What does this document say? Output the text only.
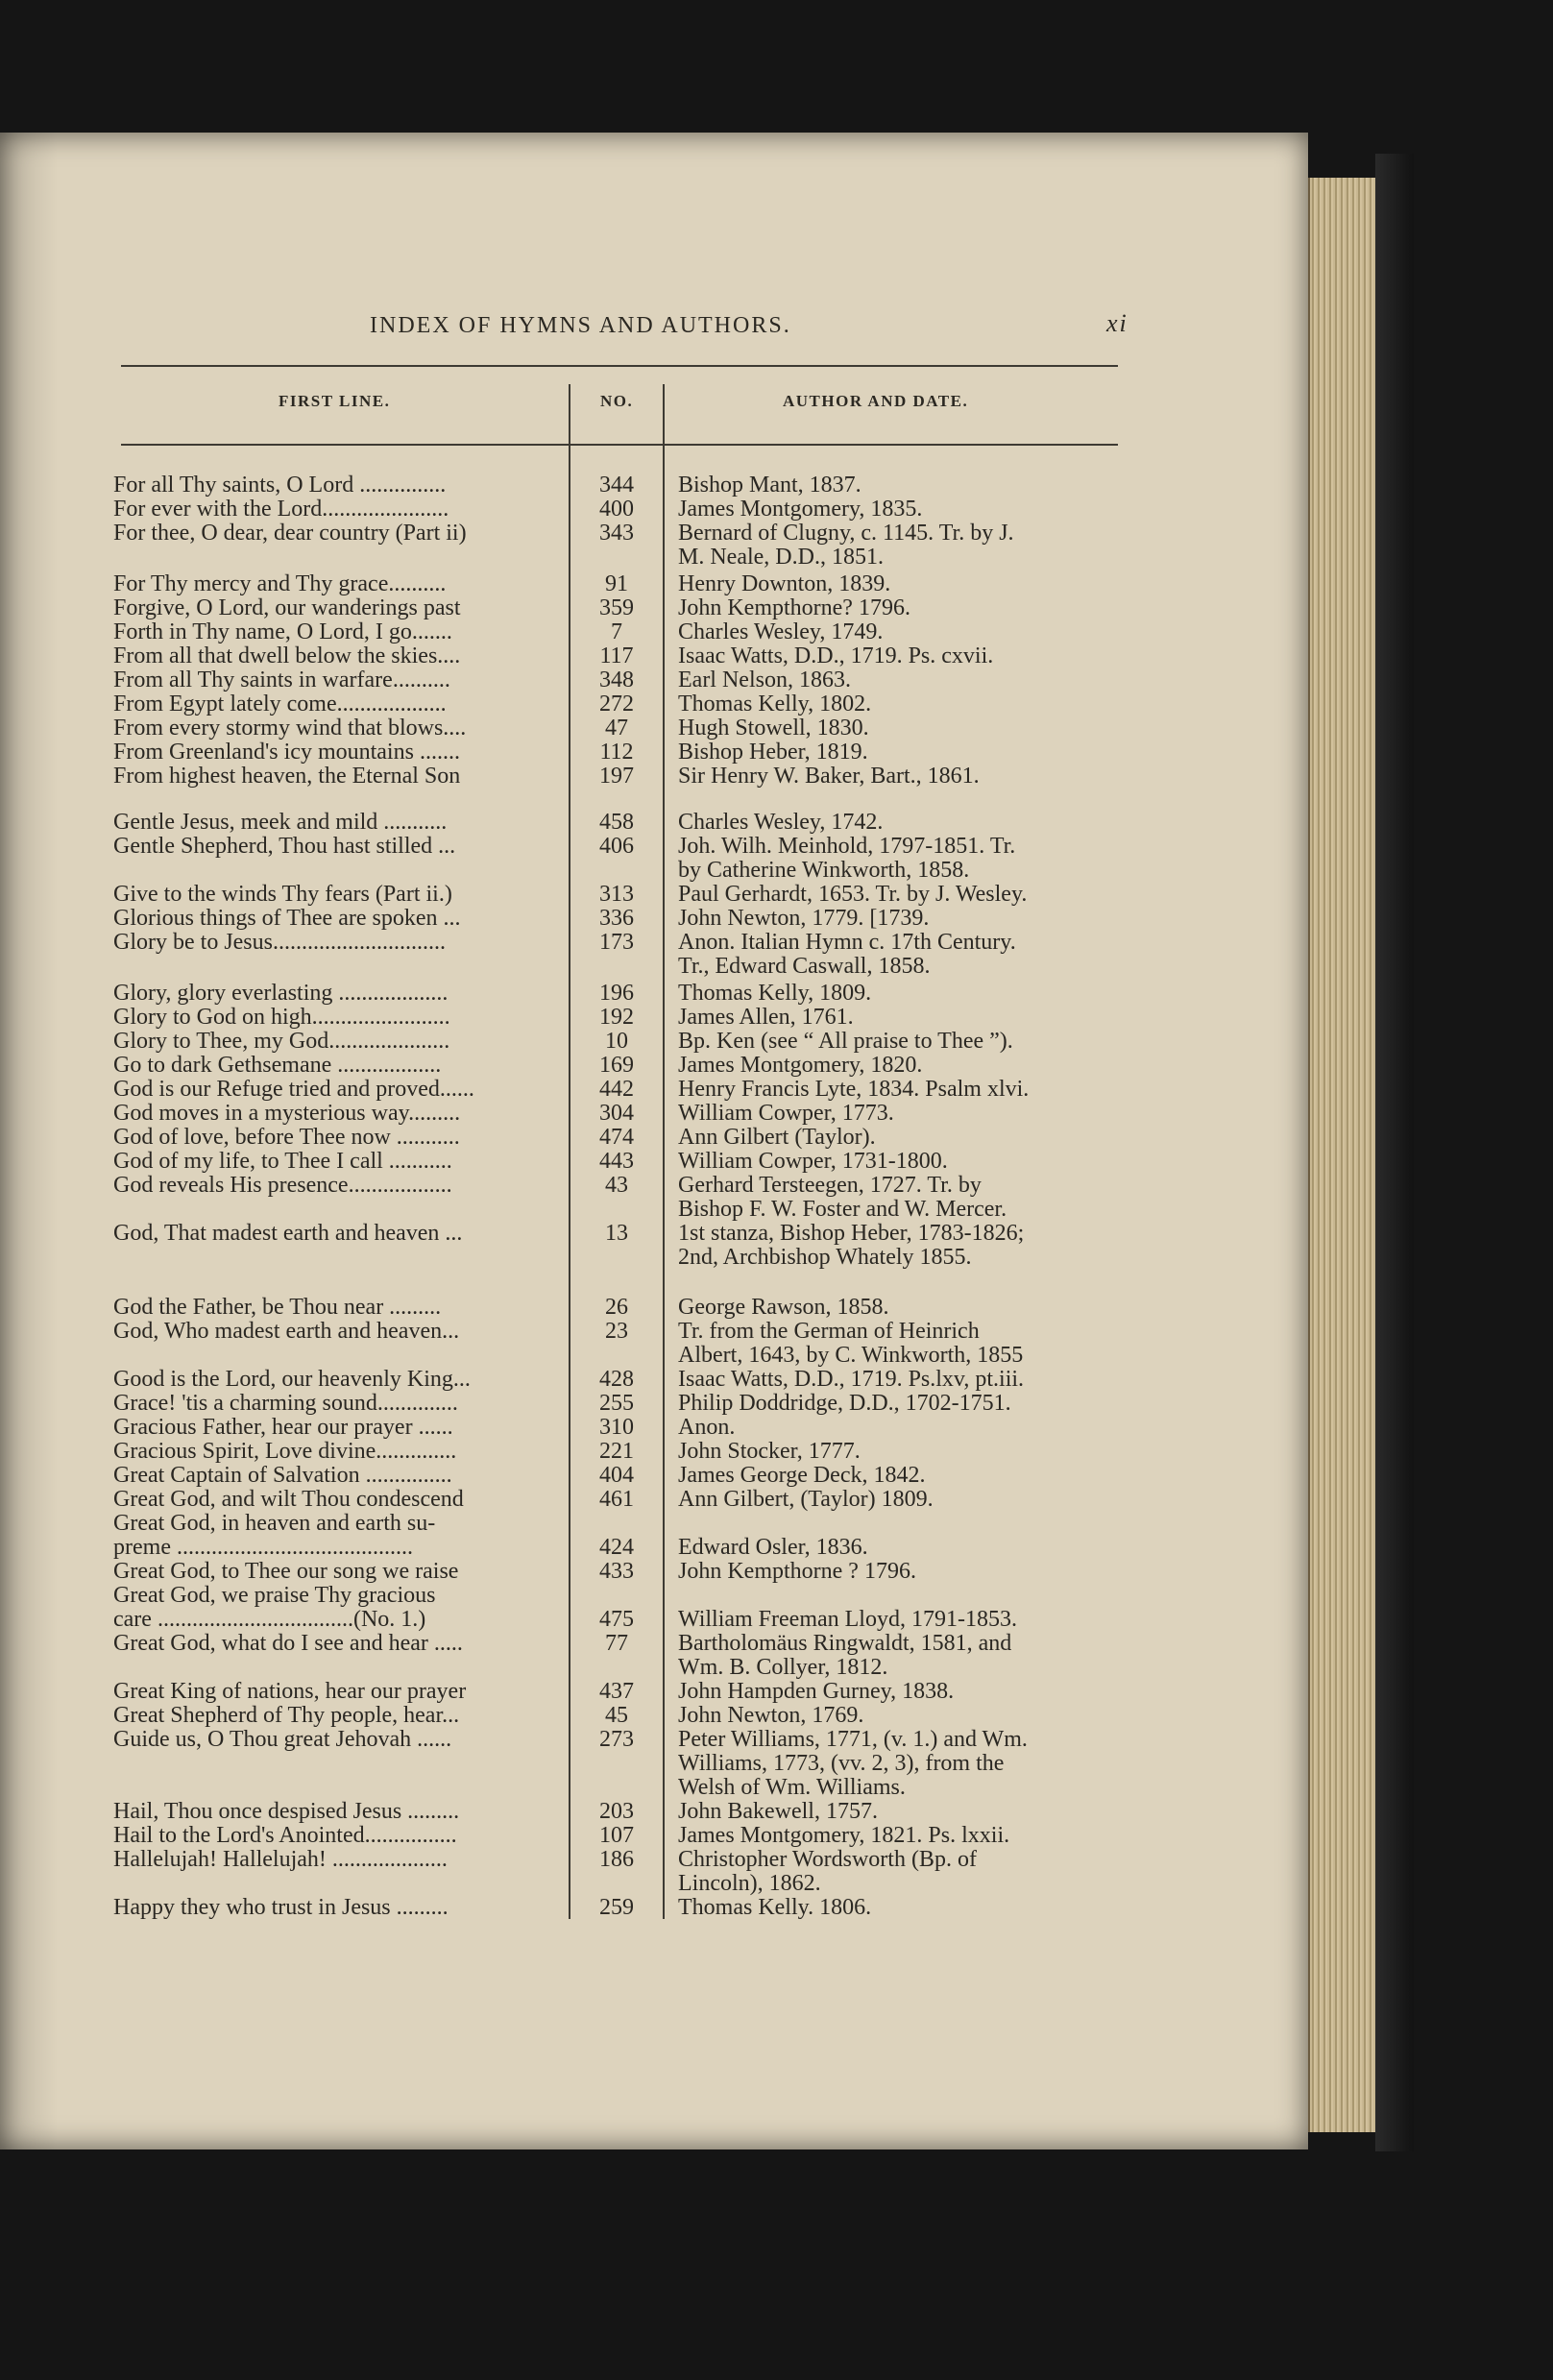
INDEX OF HYMNS AND AUTHORS.	xi
FIRST LINE.	NO.	AUTHOR AND DATE.
For all Thy saints, O Lord ...............	344	Bishop Mant, 1837.
For ever with the Lord......................	400	James Montgomery, 1835.
For thee, O dear, dear country (Part ii)	343	Bernard of Clugny, c. 1145. Tr. by J.
M. Neale, D.D., 1851.
For Thy mercy and Thy grace..........	91	Henry Downton, 1839.
Forgive, O Lord, our wanderings past	359	John Kempthorne? 1796.
Forth in Thy name, O Lord, I go.......	7	Charles Wesley, 1749.
From all that dwell below the skies....	117	Isaac Watts, D.D., 1719. Ps. cxvii.
From all Thy saints in warfare..........	348	Earl Nelson, 1863.
From Egypt lately come...................	272	Thomas Kelly, 1802.
From every stormy wind that blows....	47	Hugh Stowell, 1830.
From Greenland's icy mountains .......	112	Bishop Heber, 1819.
From highest heaven, the Eternal Son	197	Sir Henry W. Baker, Bart., 1861.
Gentle Jesus, meek and mild ...........	458	Charles Wesley, 1742.
Gentle Shepherd, Thou hast stilled ...	406	Joh. Wilh. Meinhold, 1797-1851. Tr.
by Catherine Winkworth, 1858.
Give to the winds Thy fears (Part ii.)	313	Paul Gerhardt, 1653. Tr. by J. Wesley.
Glorious things of Thee are spoken ...	336	John Newton, 1779. [1739.
Glory be to Jesus..............................	173	Anon. Italian Hymn c. 17th Century.
Tr., Edward Caswall, 1858.
Glory, glory everlasting ...................	196	Thomas Kelly, 1809.
Glory to God on high........................	192	James Allen, 1761.
Glory to Thee, my God.....................	10	Bp. Ken (see “ All praise to Thee ”).
Go to dark Gethsemane ..................	169	James Montgomery, 1820.
God is our Refuge tried and proved......	442	Henry Francis Lyte, 1834. Psalm xlvi.
God moves in a mysterious way.........	304	William Cowper, 1773.
God of love, before Thee now ...........	474	Ann Gilbert (Taylor).
God of my life, to Thee I call ...........	443	William Cowper, 1731-1800.
God reveals His presence..................	43	Gerhard Tersteegen, 1727. Tr. by
Bishop F. W. Foster and W. Mercer.
God, That madest earth and heaven ...	13	1st stanza, Bishop Heber, 1783-1826;
2nd, Archbishop Whately 1855.
God the Father, be Thou near .........	26	George Rawson, 1858.
God, Who madest earth and heaven...	23	Tr. from the German of Heinrich
Albert, 1643, by C. Winkworth, 1855
Good is the Lord, our heavenly King...	428	Isaac Watts, D.D., 1719. Ps.lxv, pt.iii.
Grace! 'tis a charming sound..............	255	Philip Doddridge, D.D., 1702-1751.
Gracious Father, hear our prayer ......	310	Anon.
Gracious Spirit, Love divine..............	221	John Stocker, 1777.
Great Captain of Salvation ...............	404	James George Deck, 1842.
Great God, and wilt Thou condescend	461	Ann Gilbert, (Taylor) 1809.
Great God, in heaven and earth su-
preme .........................................	424	Edward Osler, 1836.
Great God, to Thee our song we raise	433	John Kempthorne ? 1796.
Great God, we praise Thy gracious
care ..................................(No. 1.)	475	William Freeman Lloyd, 1791-1853.
Great God, what do I see and hear .....	77	Bartholomäus Ringwaldt, 1581, and
Wm. B. Collyer, 1812.
Great King of nations, hear our prayer	437	John Hampden Gurney, 1838.
Great Shepherd of Thy people, hear...	45	John Newton, 1769.
Guide us, O Thou great Jehovah ......	273	Peter Williams, 1771, (v. 1.) and Wm.
Williams, 1773, (vv. 2, 3), from the
Welsh of Wm. Williams.
Hail, Thou once despised Jesus .........	203	John Bakewell, 1757.
Hail to the Lord's Anointed................	107	James Montgomery, 1821. Ps. lxxii.
Hallelujah! Hallelujah! ....................	186	Christopher Wordsworth (Bp. of
Lincoln), 1862.
Happy they who trust in Jesus .........	259	Thomas Kelly. 1806.
